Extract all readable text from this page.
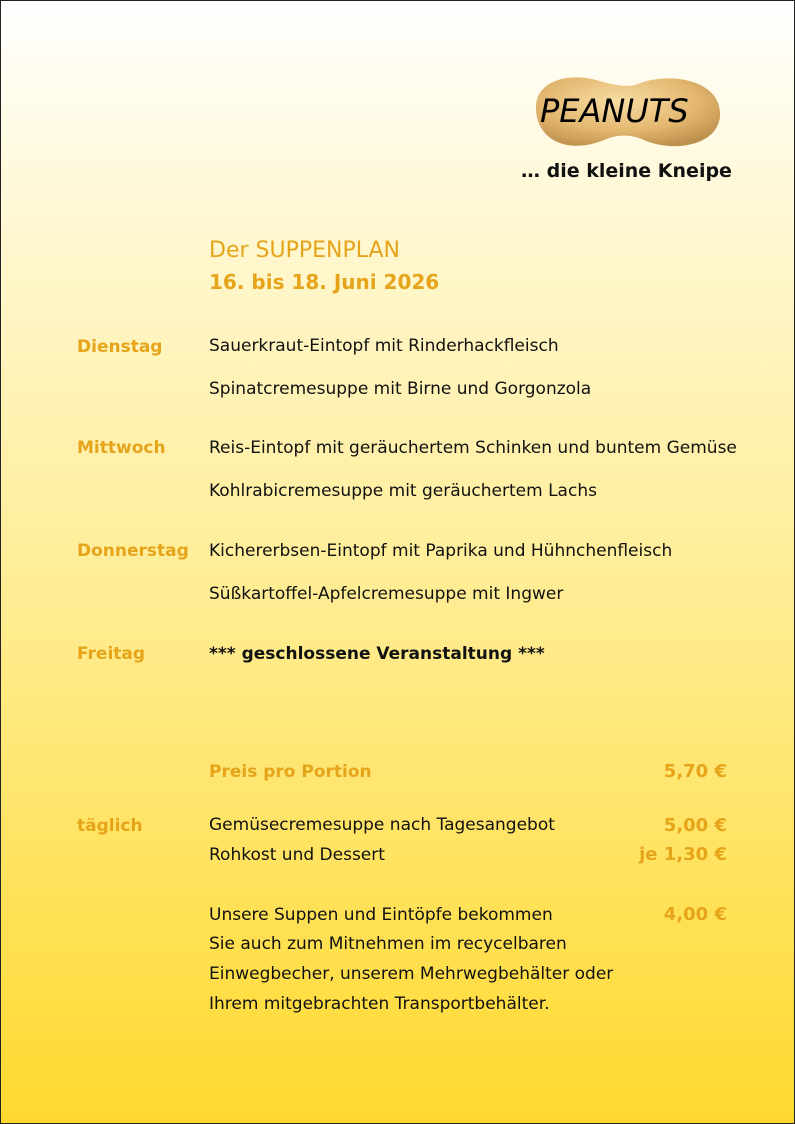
PEANUTS
… die kleine Kneipe
Der SUPPENPLAN
16. bis 18. Juni 2026
Dienstag	Sauerkraut-Eintopf mit Rinderhackfleisch
Spinatcremesuppe mit Birne und Gorgonzola
Mittwoch	Reis-Eintopf mit geräuchertem Schinken und buntem Gemüse
Kohlrabicremesuppe mit geräuchertem Lachs
Donnerstag Kichererbsen-Eintopf mit Paprika und Hühnchenfleisch
Süßkartoffel-Apfelcremesuppe mit Ingwer
Freitag	*** geschlossene Veranstaltung ***
Preis pro Portion	5,70 €
täglich	Gemüsecremesuppe nach Tagesangebot	5,00 €
Rohkost und Dessert	je 1,30 €
Unsere Suppen und Eintöpfe bekommen	4,00 €
Sie auch zum Mitnehmen im recycelbaren
Einwegbecher, unserem Mehrwegbehälter oder
Ihrem mitgebrachten Transportbehälter.
